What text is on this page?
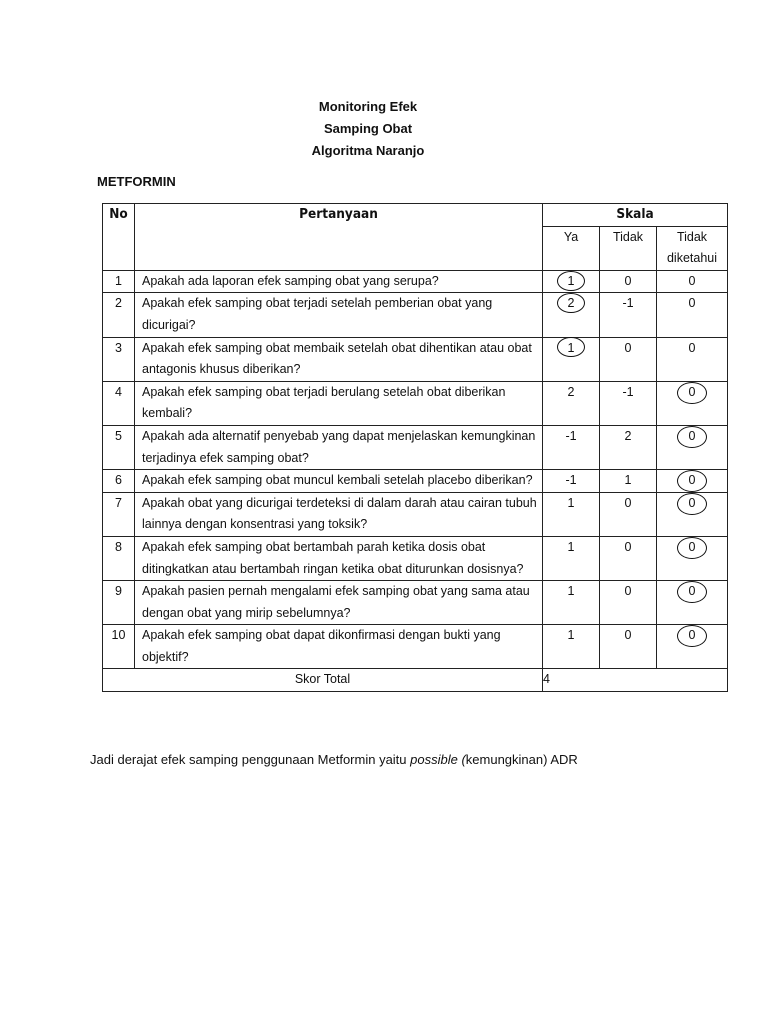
Monitoring Efek
Samping Obat
Algoritma Naranjo
METFORMIN
No	Pertanyaan	Skala		
		Ya	Tidak	Tidak diketahui
1	Apakah ada laporan efek samping obat yang serupa?	1	0	0
2	Apakah efek samping obat terjadi setelah pemberian obat yang dicurigai?	2	-1	0
3	Apakah efek samping obat membaik setelah obat dihentikan atau obat antagonis khusus diberikan?	1	0	0
4	Apakah efek samping obat terjadi berulang setelah obat diberikan kembali?	2	-1	0
5	Apakah ada alternatif penyebab yang dapat menjelaskan kemungkinan terjadinya efek samping obat?	-1	2	0
6	Apakah efek samping obat muncul kembali setelah placebo diberikan?	-1	1	0
7	Apakah obat yang dicurigai terdeteksi di dalam darah atau cairan tubuh lainnya dengan konsentrasi yang toksik?	1	0	0
8	Apakah efek samping obat bertambah parah ketika dosis obat ditingkatkan atau bertambah ringan ketika obat diturunkan dosisnya?	1	0	0
9	Apakah pasien pernah mengalami efek samping obat yang sama atau dengan obat yang mirip sebelumnya?	1	0	0
10	Apakah efek samping obat dapat dikonfirmasi dengan bukti yang objektif?	1	0	0
Skor Total		4		
Jadi derajat efek samping penggunaan Metformin yaitu possible (kemungkinan) ADR
